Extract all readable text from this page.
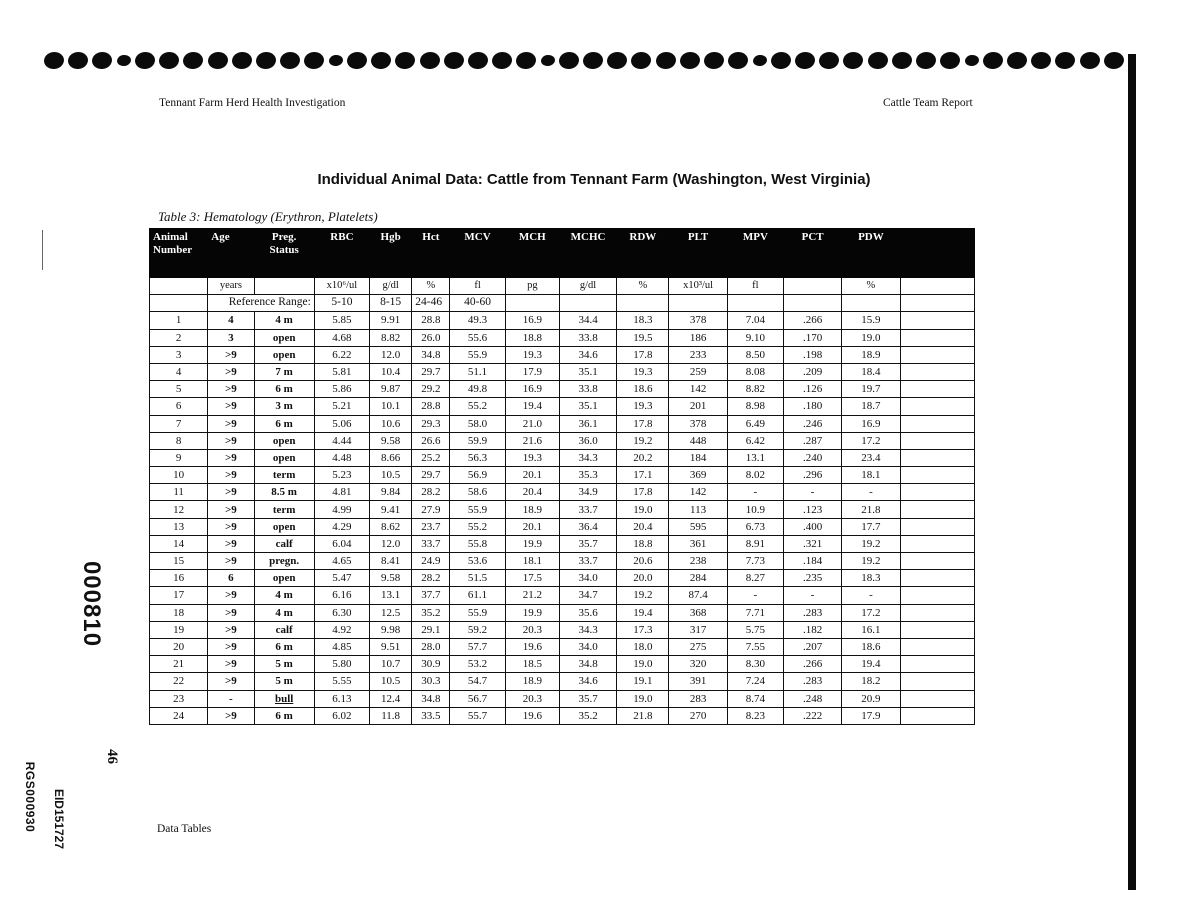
Tennant Farm Herd Health Investigation	Cattle Team Report
Individual Animal Data: Cattle from Tennant Farm (Washington, West Virginia)
Table 3: Hematology (Erythron, Platelets)
Animal Number	Age	Preg. Status	RBC	Hgb	Hct	MCV	MCH	MCHC	RDW	PLT	MPV	PCT	PDW	
	years		x10⁶/ul	g/dl	%	fl	pg	g/dl	%	x10³/ul	fl		%	
	Reference Range:		5-10	8-15	24-46	40-60								
1	4	4 m	5.85	9.91	28.8	49.3	16.9	34.4	18.3	378	7.04	.266	15.9	
2	3	open	4.68	8.82	26.0	55.6	18.8	33.8	19.5	186	9.10	.170	19.0	
3	>9	open	6.22	12.0	34.8	55.9	19.3	34.6	17.8	233	8.50	.198	18.9	
4	>9	7 m	5.81	10.4	29.7	51.1	17.9	35.1	19.3	259	8.08	.209	18.4	
5	>9	6 m	5.86	9.87	29.2	49.8	16.9	33.8	18.6	142	8.82	.126	19.7	
6	>9	3 m	5.21	10.1	28.8	55.2	19.4	35.1	19.3	201	8.98	.180	18.7	
7	>9	6 m	5.06	10.6	29.3	58.0	21.0	36.1	17.8	378	6.49	.246	16.9	
8	>9	open	4.44	9.58	26.6	59.9	21.6	36.0	19.2	448	6.42	.287	17.2	
9	>9	open	4.48	8.66	25.2	56.3	19.3	34.3	20.2	184	13.1	.240	23.4	
10	>9	term	5.23	10.5	29.7	56.9	20.1	35.3	17.1	369	8.02	.296	18.1	
11	>9	8.5 m	4.81	9.84	28.2	58.6	20.4	34.9	17.8	142	-	-	-	
12	>9	term	4.99	9.41	27.9	55.9	18.9	33.7	19.0	113	10.9	.123	21.8	
13	>9	open	4.29	8.62	23.7	55.2	20.1	36.4	20.4	595	6.73	.400	17.7	
14	>9	calf	6.04	12.0	33.7	55.8	19.9	35.7	18.8	361	8.91	.321	19.2	
15	>9	pregn.	4.65	8.41	24.9	53.6	18.1	33.7	20.6	238	7.73	.184	19.2	
16	6	open	5.47	9.58	28.2	51.5	17.5	34.0	20.0	284	8.27	.235	18.3	
17	>9	4 m	6.16	13.1	37.7	61.1	21.2	34.7	19.2	87.4	-	-	-	
18	>9	4 m	6.30	12.5	35.2	55.9	19.9	35.6	19.4	368	7.71	.283	17.2	
19	>9	calf	4.92	9.98	29.1	59.2	20.3	34.3	17.3	317	5.75	.182	16.1	
20	>9	6 m	4.85	9.51	28.0	57.7	19.6	34.0	18.0	275	7.55	.207	18.6	
21	>9	5 m	5.80	10.7	30.9	53.2	18.5	34.8	19.0	320	8.30	.266	19.4	
22	>9	5 m	5.55	10.5	30.3	54.7	18.9	34.6	19.1	391	7.24	.283	18.2	
23	-	bull	6.13	12.4	34.8	56.7	20.3	35.7	19.0	283	8.74	.248	20.9	
24	>9	6 m	6.02	11.8	33.5	55.7	19.6	35.2	21.8	270	8.23	.222	17.9	
000810
46
RGS000930 EID151727	Data Tables
